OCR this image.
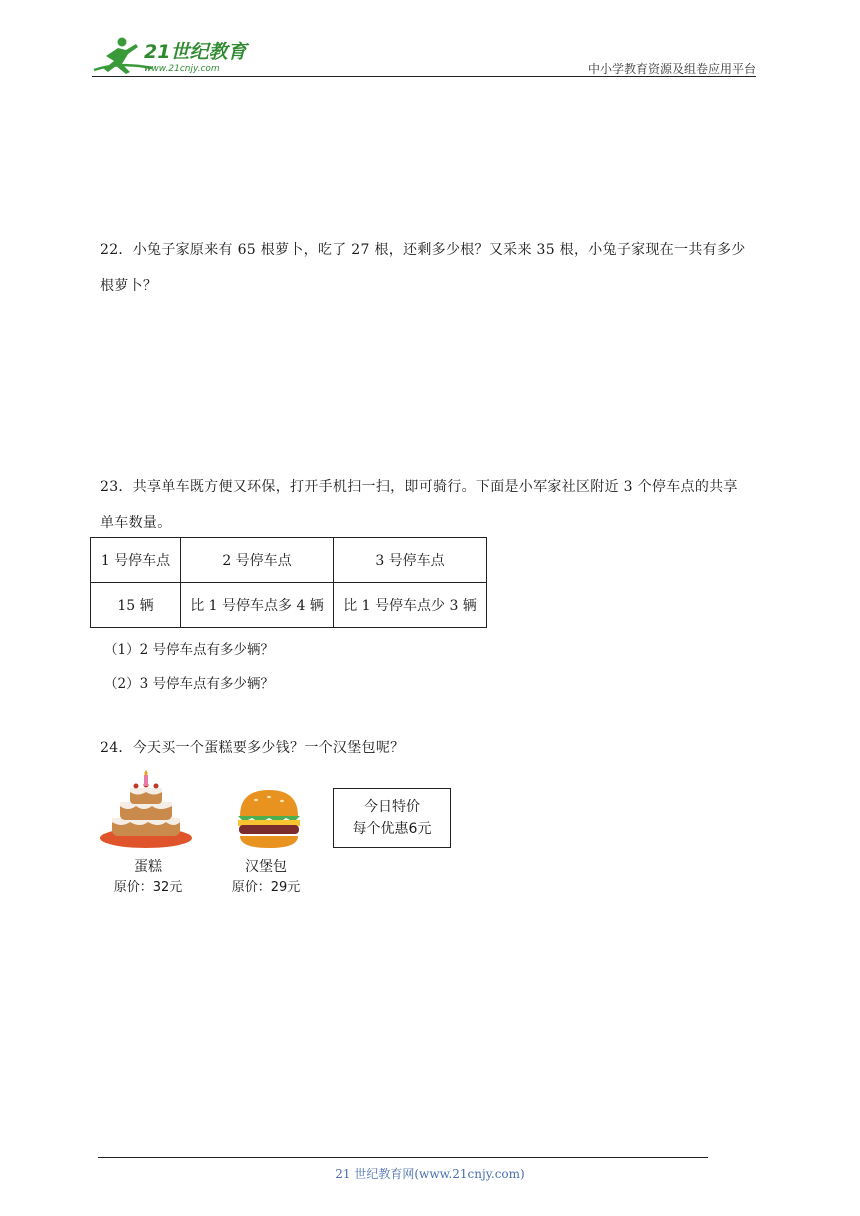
21世纪教育
www.21cnjy.com	中小学教育资源及组卷应用平台
22．小兔子家原来有 65 根萝卜，吃了 27 根，还剩多少根？又采来 35 根，小兔子家现在一共有多少
根萝卜？
23．共享单车既方便又环保，打开手机扫一扫，即可骑行。下面是小军家社区附近 3 个停车点的共享
单车数量。
1 号停车点	2 号停车点	3 号停车点
15 辆	比 1 号停车点多 4 辆	比 1 号停车点少 3 辆
（1）2 号停车点有多少辆？
（2）3 号停车点有多少辆？
24．今天买一个蛋糕要多少钱？一个汉堡包呢？
蛋糕
原价：32元
汉堡包
原价：29元
今日特价
每个优惠6元
21 世纪教育网(www.21cnjy.com)
